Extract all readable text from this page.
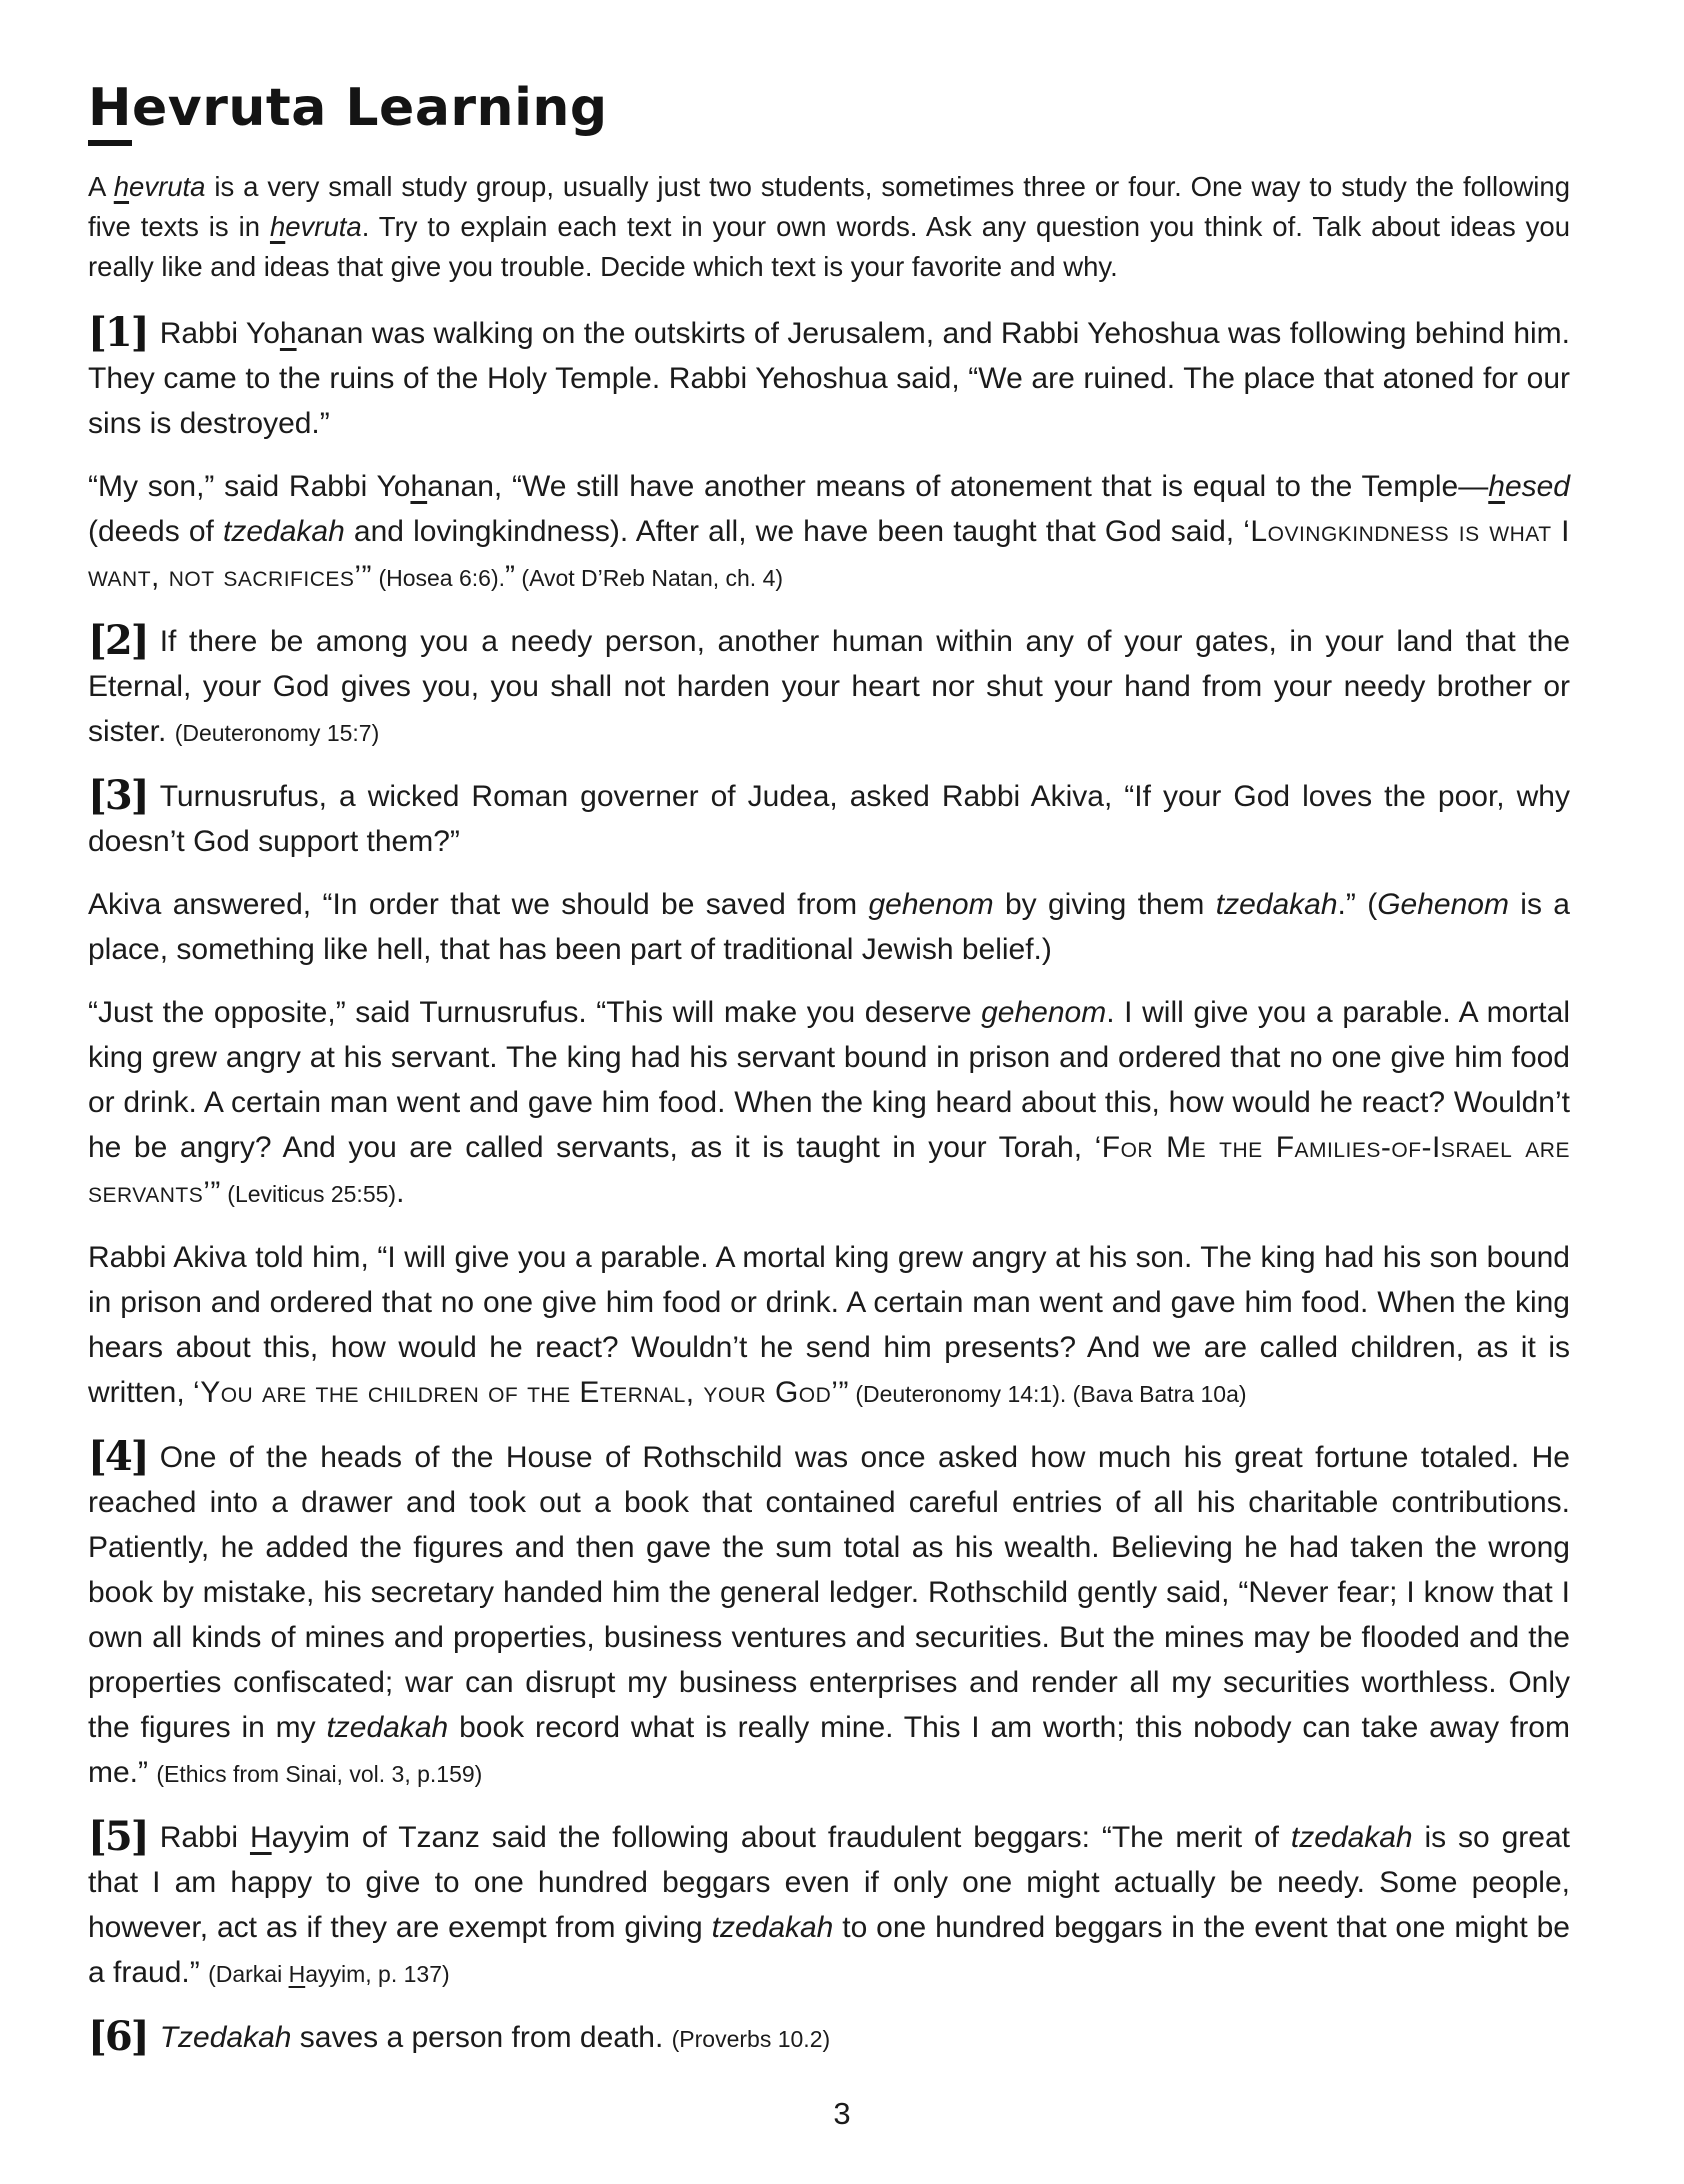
Hevruta Learning

A hevruta is a very small study group, usually just two students, sometimes three or four. One way to study the following five texts is in hevruta. Try to explain each text in your own words. Ask any question you think of. Talk about ideas you really like and ideas that give you trouble. Decide which text is your favorite and why.

[1] Rabbi Yohanan was walking on the outskirts of Jerusalem, and Rabbi Yehoshua was following behind him. They came to the ruins of the Holy Temple. Rabbi Yehoshua said, “We are ruined. The place that atoned for our sins is destroyed.”

“My son,” said Rabbi Yohanan, “We still have another means of atonement that is equal to the Temple—hesed (deeds of tzedakah and lovingkindness). After all, we have been taught that God said, ‘Lovingkindness is what I want, not sacrifices’” (Hosea 6:6).” (Avot D’Reb Natan, ch. 4)

[2] If there be among you a needy person, another human within any of your gates, in your land that the Eternal, your God gives you, you shall not harden your heart nor shut your hand from your needy brother or sister. (Deuteronomy 15:7)

[3] Turnusrufus, a wicked Roman governer of Judea, asked Rabbi Akiva, “If your God loves the poor, why doesn’t God support them?”

Akiva answered, “In order that we should be saved from gehenom by giving them tzedakah.” (Gehenom is a place, something like hell, that has been part of traditional Jewish belief.)

“Just the opposite,” said Turnusrufus. “This will make you deserve gehenom. I will give you a parable. A mortal king grew angry at his servant. The king had his servant bound in prison and ordered that no one give him food or drink. A certain man went and gave him food. When the king heard about this, how would he react? Wouldn’t he be angry? And you are called servants, as it is taught in your Torah, ‘For Me the Families-of-Israel are servants’” (Leviticus 25:55).

Rabbi Akiva told him, “I will give you a parable. A mortal king grew angry at his son. The king had his son bound in prison and ordered that no one give him food or drink. A certain man went and gave him food. When the king hears about this, how would he react? Wouldn’t he send him presents? And we are called children, as it is written, ‘You are the children of the Eternal, your God’” (Deuteronomy 14:1). (Bava Batra 10a)

[4] One of the heads of the House of Rothschild was once asked how much his great fortune totaled. He reached into a drawer and took out a book that contained careful entries of all his charitable contributions. Patiently, he added the figures and then gave the sum total as his wealth. Believing he had taken the wrong book by mistake, his secretary handed him the general ledger. Rothschild gently said, “Never fear; I know that I own all kinds of mines and properties, business ventures and securities. But the mines may be flooded and the properties confiscated; war can disrupt my business enterprises and render all my securities worthless. Only the figures in my tzedakah book record what is really mine. This I am worth; this nobody can take away from me.” (Ethics from Sinai, vol. 3, p.159)

[5] Rabbi Hayyim of Tzanz said the following about fraudulent beggars: “The merit of tzedakah is so great that I am happy to give to one hundred beggars even if only one might actually be needy. Some people, however, act as if they are exempt from giving tzedakah to one hundred beggars in the event that one might be a fraud.” (Darkai Hayyim, p. 137)

[6] Tzedakah saves a person from death. (Proverbs 10.2)

3
